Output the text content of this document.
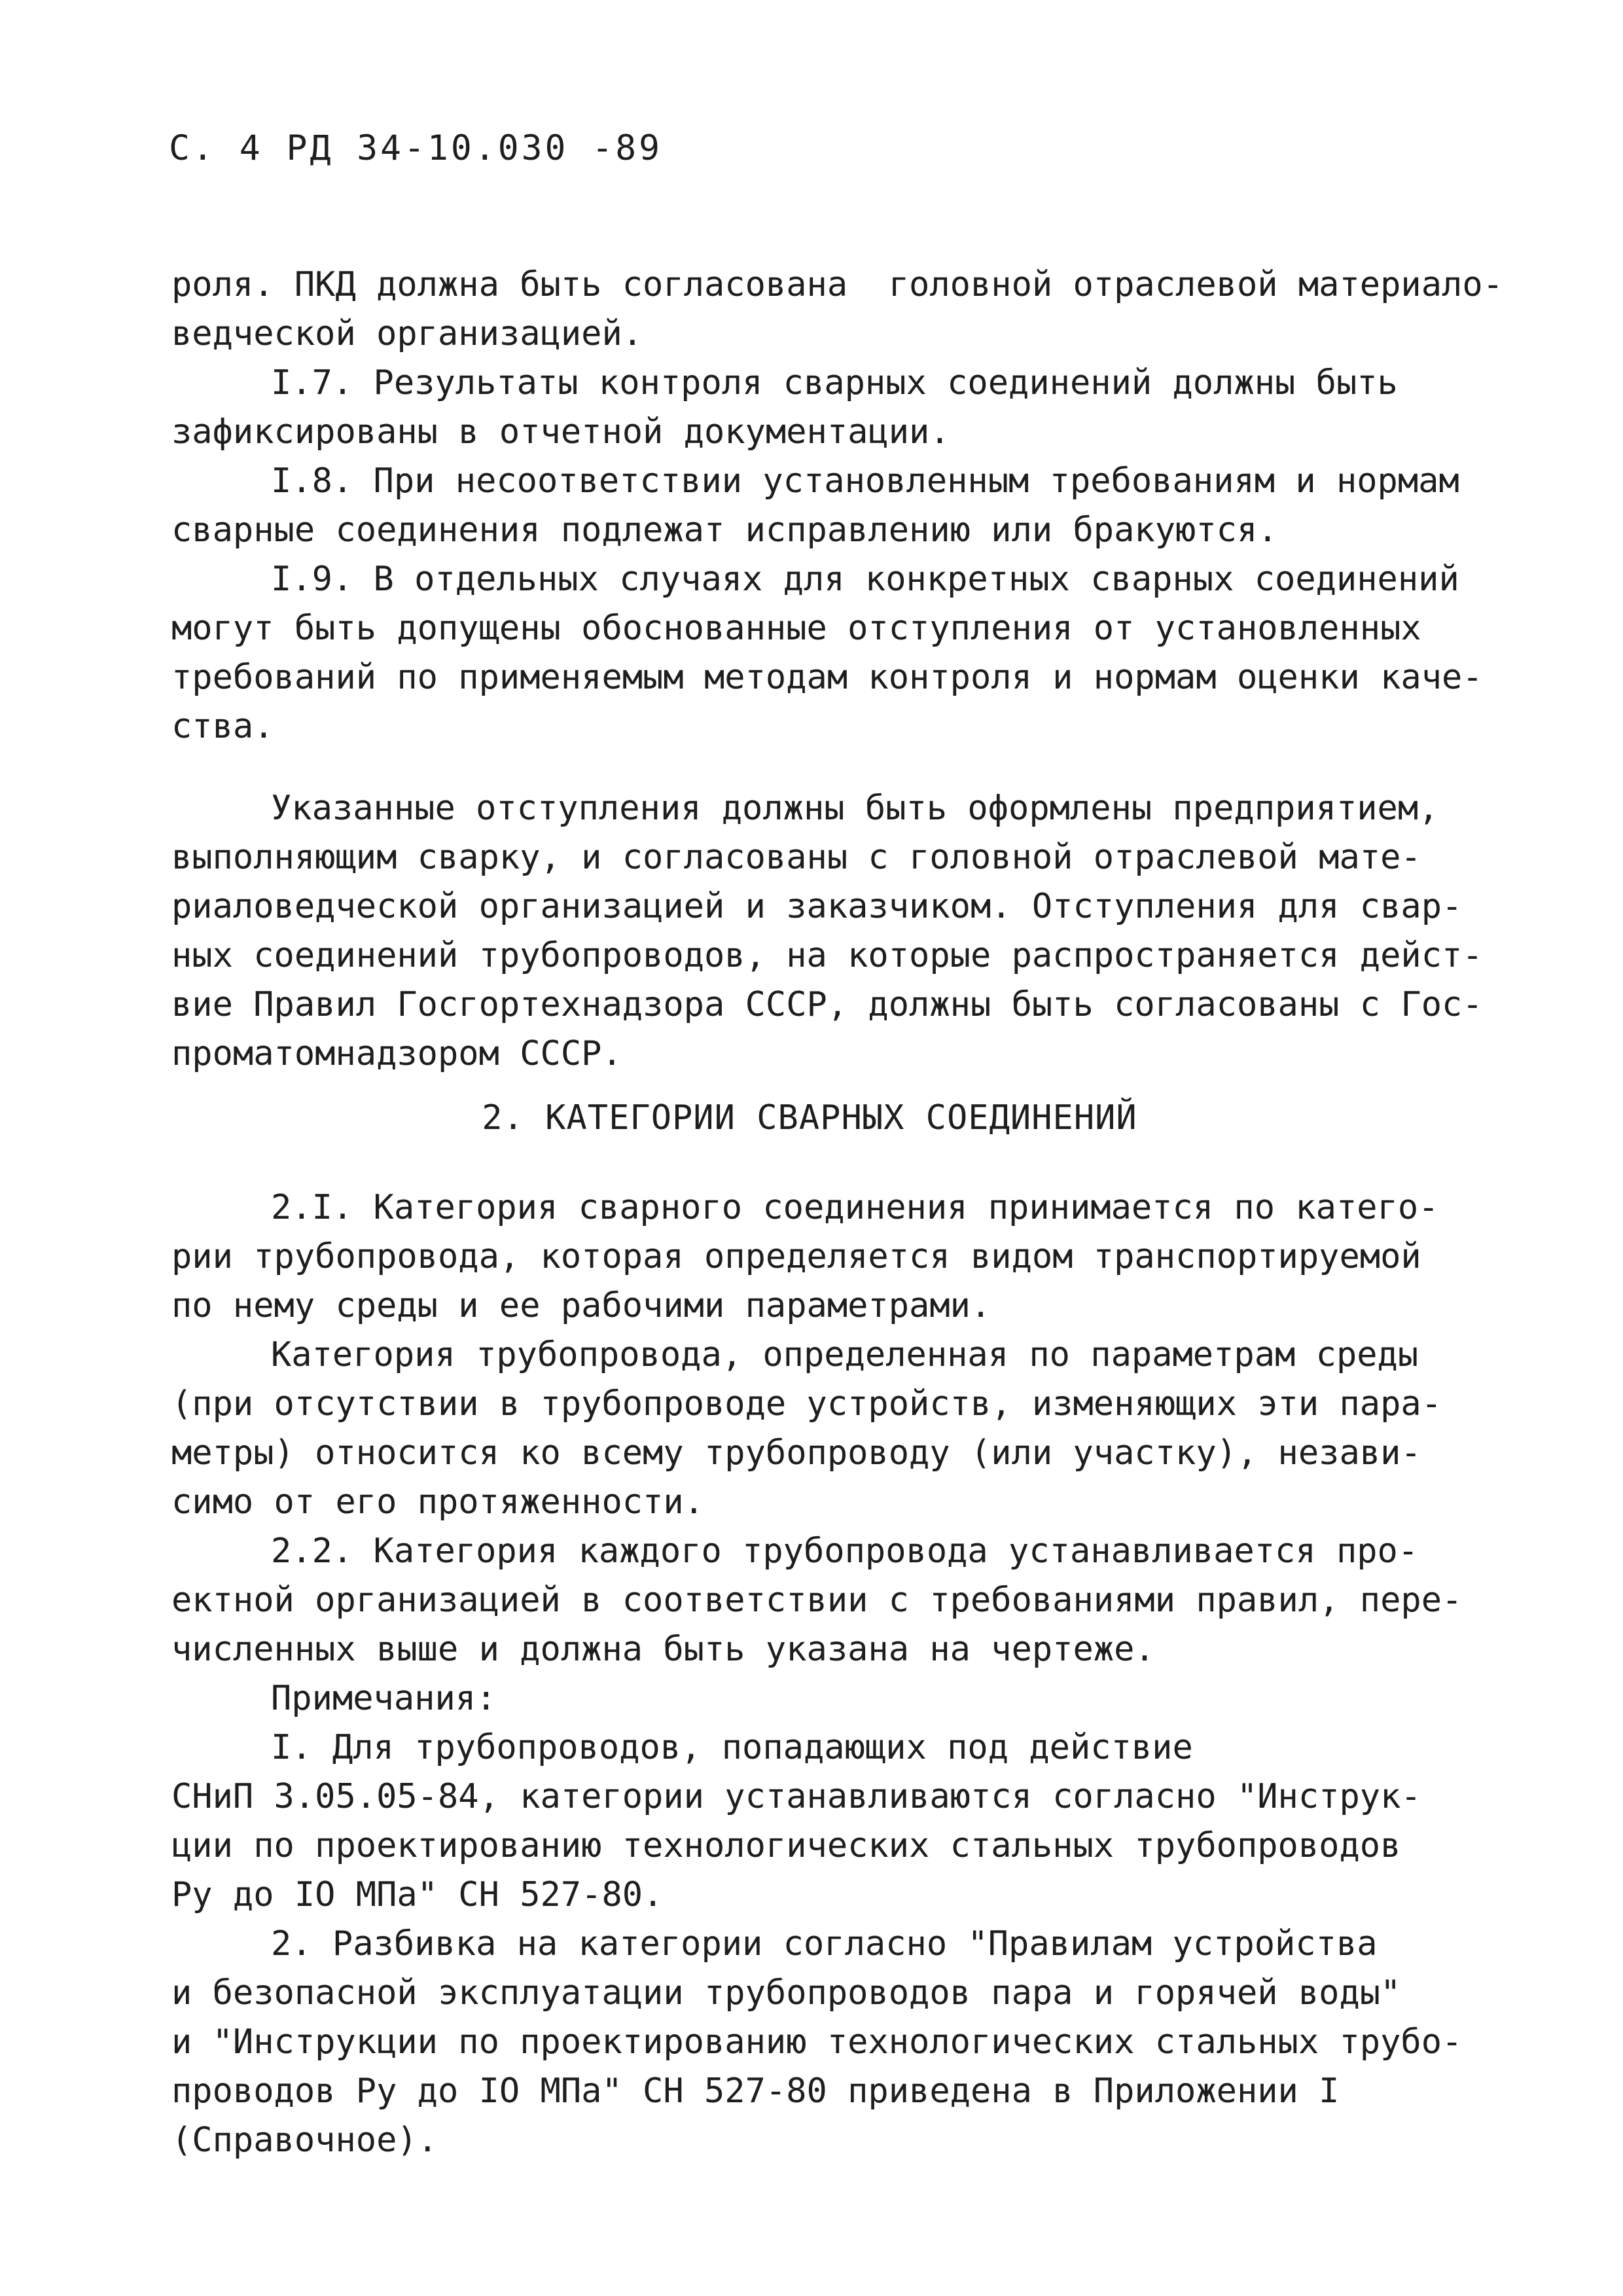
С. 4 РД 34-10.030 -89
роля. ПКД должна быть согласована  головной отраслевой материало-
ведческой организацией.
I.7. Результаты контроля сварных соединений должны быть
зафиксированы в отчетной документации.
I.8. При несоответствии установленным требованиям и нормам
сварные соединения подлежат исправлению или бракуются.
I.9. В отдельных случаях для конкретных сварных соединений
могут быть допущены обоснованные отступления от установленных
требований по применяемым методам контроля и нормам оценки каче-
ства.
Указанные отступления должны быть оформлены предприятием,
выполняющим сварку, и согласованы с головной отраслевой мате-
риаловедческой организацией и заказчиком. Отступления для свар-
ных соединений трубопроводов, на которые распространяется дейст-
вие Правил Госгортехнадзора СССР, должны быть согласованы с Гос-
проматомнадзором СССР.
2. КАТЕГОРИИ СВАРНЫХ СОЕДИНЕНИЙ
2.I. Категория сварного соединения принимается по катего-
рии трубопровода, которая определяется видом транспортируемой
по нему среды и ее рабочими параметрами.
Категория трубопровода, определенная по параметрам среды
(при отсутствии в трубопроводе устройств, изменяющих эти пара-
метры) относится ко всему трубопроводу (или участку), незави-
симо от его протяженности.
2.2. Категория каждого трубопровода устанавливается про-
ектной организацией в соответствии с требованиями правил, пере-
численных выше и должна быть указана на чертеже.
Примечания:
I. Для трубопроводов, попадающих под действие
СНиП 3.05.05-84, категории устанавливаются согласно "Инструк-
ции по проектированию технологических стальных трубопроводов
Ру до IO МПа" СН 527-80.
2. Разбивка на категории согласно "Правилам устройства
и безопасной эксплуатации трубопроводов пара и горячей воды"
и "Инструкции по проектированию технологических стальных трубо-
проводов Ру до IO МПа" СН 527-80 приведена в Приложении I
(Справочное).
